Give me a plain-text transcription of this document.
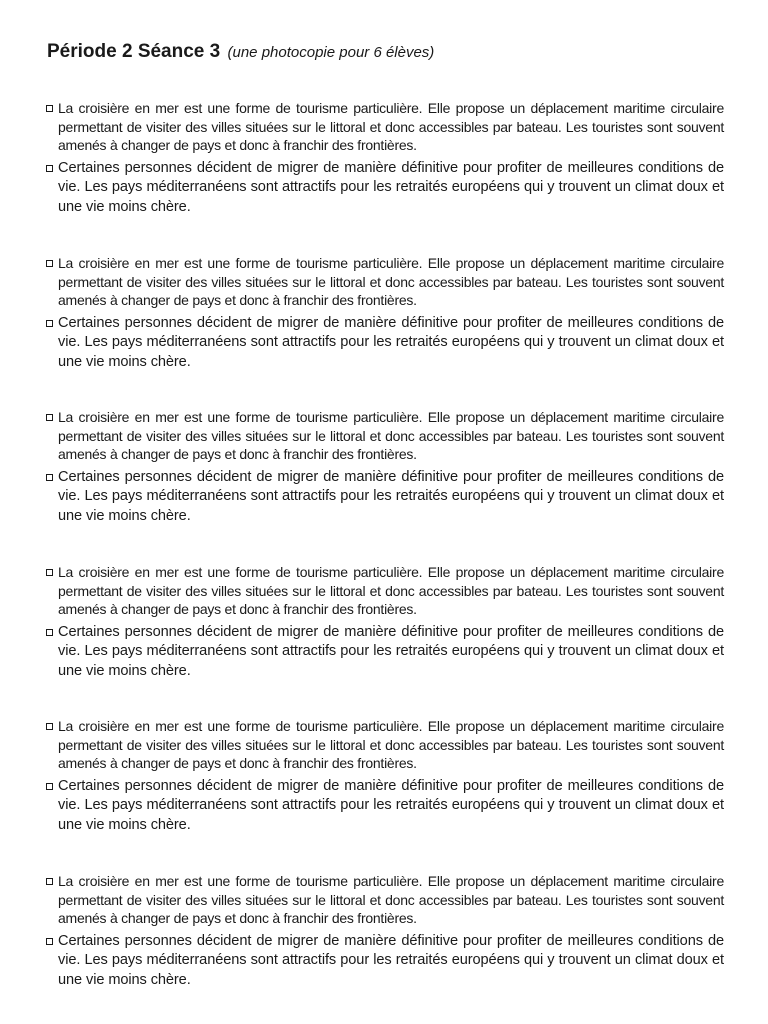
Période 2 Séance 3 (une photocopie pour 6 élèves)

La croisière en mer est une forme de tourisme particulière. Elle propose un déplacement maritime circulaire permettant de visiter des villes situées sur le littoral et donc accessibles par bateau. Les touristes sont souvent amenés à changer de pays et donc à franchir des frontières.

Certaines personnes décident de migrer de manière définitive pour profiter de meilleures conditions de vie. Les pays méditerranéens sont attractifs pour les retraités européens qui y trouvent un climat doux et une vie moins chère.

La croisière en mer est une forme de tourisme particulière. Elle propose un déplacement maritime circulaire permettant de visiter des villes situées sur le littoral et donc accessibles par bateau. Les touristes sont souvent amenés à changer de pays et donc à franchir des frontières.

Certaines personnes décident de migrer de manière définitive pour profiter de meilleures conditions de vie. Les pays méditerranéens sont attractifs pour les retraités européens qui y trouvent un climat doux et une vie moins chère.

La croisière en mer est une forme de tourisme particulière. Elle propose un déplacement maritime circulaire permettant de visiter des villes situées sur le littoral et donc accessibles par bateau. Les touristes sont souvent amenés à changer de pays et donc à franchir des frontières.

Certaines personnes décident de migrer de manière définitive pour profiter de meilleures conditions de vie. Les pays méditerranéens sont attractifs pour les retraités européens qui y trouvent un climat doux et une vie moins chère.

La croisière en mer est une forme de tourisme particulière. Elle propose un déplacement maritime circulaire permettant de visiter des villes situées sur le littoral et donc accessibles par bateau. Les touristes sont souvent amenés à changer de pays et donc à franchir des frontières.

Certaines personnes décident de migrer de manière définitive pour profiter de meilleures conditions de vie. Les pays méditerranéens sont attractifs pour les retraités européens qui y trouvent un climat doux et une vie moins chère.

La croisière en mer est une forme de tourisme particulière. Elle propose un déplacement maritime circulaire permettant de visiter des villes situées sur le littoral et donc accessibles par bateau. Les touristes sont souvent amenés à changer de pays et donc à franchir des frontières.

Certaines personnes décident de migrer de manière définitive pour profiter de meilleures conditions de vie. Les pays méditerranéens sont attractifs pour les retraités européens qui y trouvent un climat doux et une vie moins chère.

La croisière en mer est une forme de tourisme particulière. Elle propose un déplacement maritime circulaire permettant de visiter des villes situées sur le littoral et donc accessibles par bateau. Les touristes sont souvent amenés à changer de pays et donc à franchir des frontières.

Certaines personnes décident de migrer de manière définitive pour profiter de meilleures conditions de vie. Les pays méditerranéens sont attractifs pour les retraités européens qui y trouvent un climat doux et une vie moins chère.
